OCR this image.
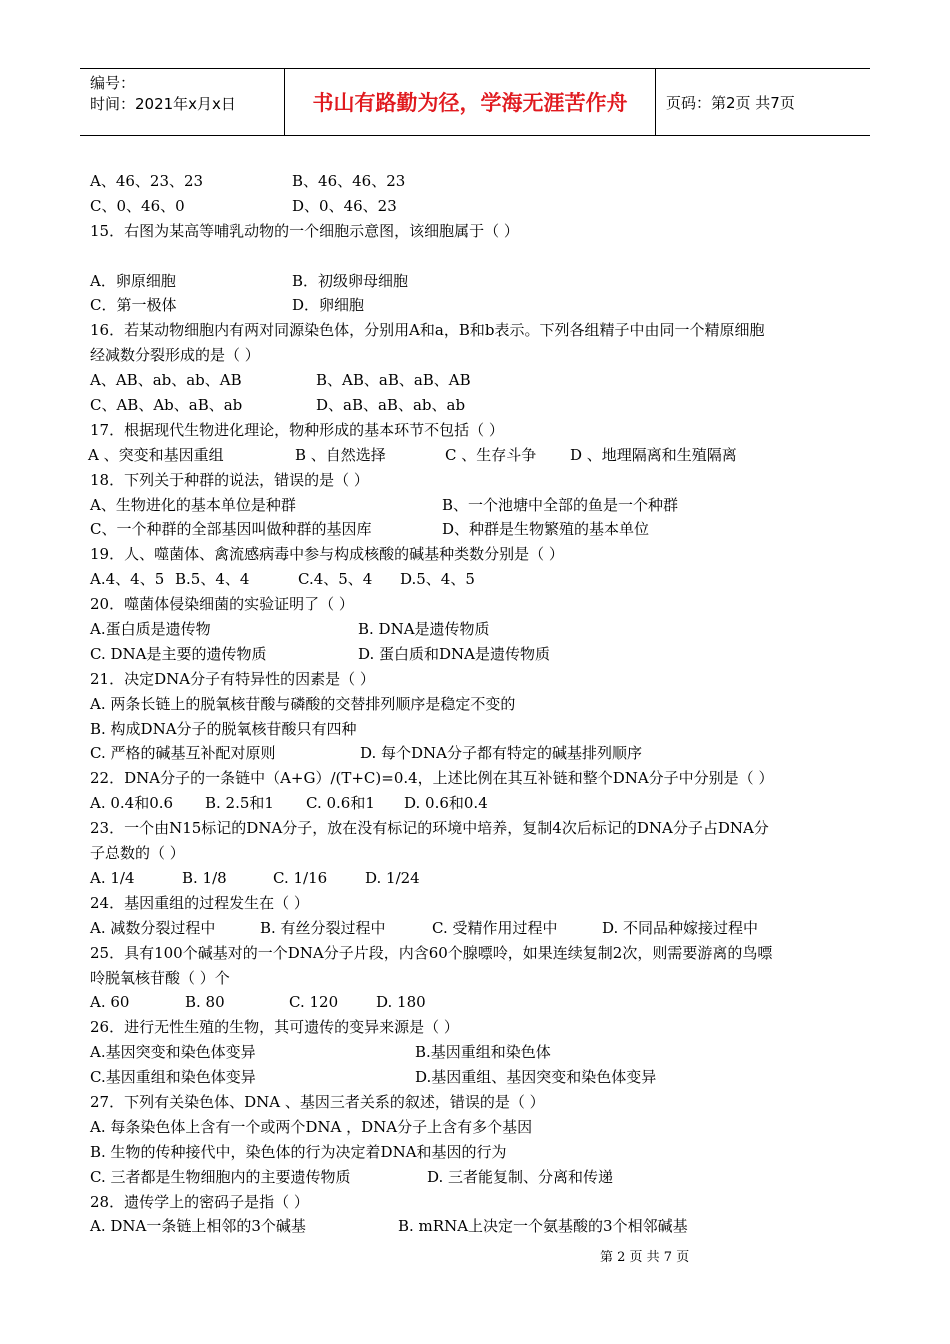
编号：
时间：2021年x月x日	书山有路勤为径，学海无涯苦作舟	页码：第2页 共7页
A、46、23、23	B、46、46、23
C、0、46、0	D、0、46、23
15．右图为某高等哺乳动物的一个细胞示意图，该细胞属于（ ）
A．卵原细胞	B．初级卵母细胞
C．第一极体	D．卵细胞
16．若某动物细胞内有两对同源染色体，分别用A和a，B和b表示。下列各组精子中由同一个精原细胞
经减数分裂形成的是（ ）
A、AB、ab、ab、AB	B、AB、aB、aB、AB
C、AB、Ab、aB、ab	D、aB、aB、ab、ab
17．根据现代生物进化理论，物种形成的基本环节不包括（ ）
A 、突变和基因重组	B 、自然选择	C 、生存斗争 D 、地理隔离和生殖隔离
18．下列关于种群的说法，错误的是（ ）
A、生物进化的基本单位是种群	B、一个池塘中全部的鱼是一个种群
C、一个种群的全部基因叫做种群的基因库	D、种群是生物繁殖的基本单位
19．人、噬菌体、禽流感病毒中参与构成核酸的碱基种类数分别是（ ）
A.4、4、5 B.5、4、4	C.4、5、4 D.5、4、5
20．噬菌体侵染细菌的实验证明了（ ）
A.蛋白质是遗传物	B. DNA是遗传物质
C. DNA是主要的遗传物质	D. 蛋白质和DNA是遗传物质
21．决定DNA分子有特异性的因素是（ ）
A. 两条长链上的脱氧核苷酸与磷酸的交替排列顺序是稳定不变的
B. 构成DNA分子的脱氧核苷酸只有四种
C. 严格的碱基互补配对原则	D. 每个DNA分子都有特定的碱基排列顺序
22．DNA分子的一条链中（A+G）/(T+C)=0.4，上述比例在其互补链和整个DNA分子中分别是（ ）
A. 0.4和0.6 B. 2.5和1 C. 0.6和1 D. 0.6和0.4
23．一个由N15标记的DNA分子，放在没有标记的环境中培养，复制4次后标记的DNA分子占DNA分
子总数的（ ）
A. 1/4	B. 1/8	C. 1/16	D. 1/24
24．基因重组的过程发生在（ ）
A. 减数分裂过程中	B. 有丝分裂过程中	C. 受精作用过程中	D. 不同品种嫁接过程中
25．具有100个碱基对的一个DNA分子片段，内含60个腺嘌呤，如果连续复制2次，则需要游离的鸟嘌
呤脱氧核苷酸（ ）个
A. 60	B. 80	C. 120	D. 180
26．进行无性生殖的生物，其可遗传的变异来源是（ ）
A.基因突变和染色体变异	B.基因重组和染色体
C.基因重组和染色体变异	D.基因重组、基因突变和染色体变异
27．下列有关染色体、DNA 、基因三者关系的叙述，错误的是（ ）
A. 每条染色体上含有一个或两个DNA ，DNA分子上含有多个基因
B. 生物的传种接代中，染色体的行为决定着DNA和基因的行为
C. 三者都是生物细胞内的主要遗传物质	D. 三者能复制、分离和传递
28．遗传学上的密码子是指（ ）
A. DNA一条链上相邻的3个碱基	B. mRNA上决定一个氨基酸的3个相邻碱基
第 2 页 共 7 页
